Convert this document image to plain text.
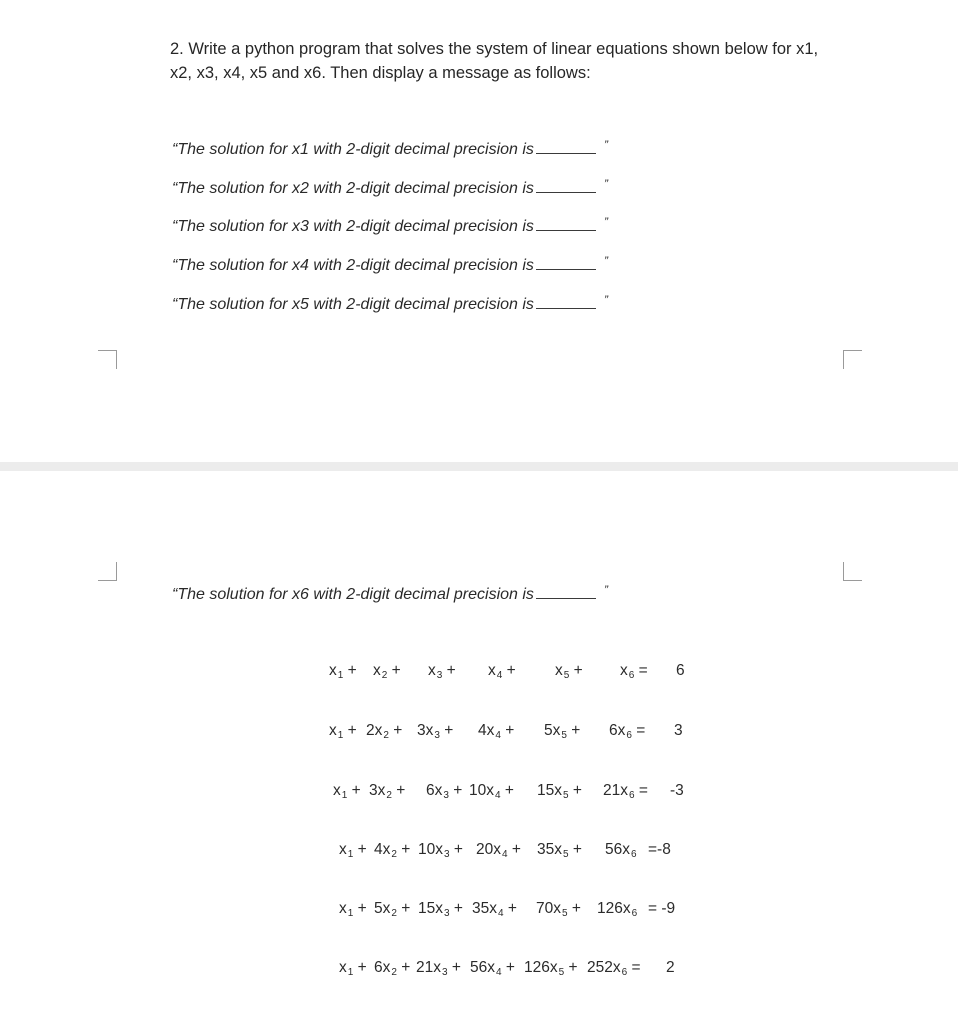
2. Write a python program that solves the system of linear equations shown below for x1,
x2, x3, x4, x5 and x6. Then display a message as follows:
“The solution for x1 with 2-digit decimal precision is	”
“The solution for x2 with 2-digit decimal precision is	”
“The solution for x3 with 2-digit decimal precision is	”
“The solution for x4 with 2-digit decimal precision is	”
“The solution for x5 with 2-digit decimal precision is	”
“The solution for x6 with 2-digit decimal precision is	”
$x_1 + x_2 + x_3 + x_4$ +	$x_5 + x_6 = 6$
$x_1 + 2x_2 + 3x_3 + 4x_4 + 5x_5 + 6x_6 = 3$
$x_1 + 3x_2 + 6x_3 + 10x_4 + 15x_5 + 21x_6 = -3$
$x_1 + 4x_2 + 10x_3 + 20x_4 + 35x_5 + 56x_6 =-8$
$x_1 + 5x_2 + 15x_3 + 35x_4 + 70x_5 + 126x_6 = -9$
$x_1 + 6x_2 + 21x_3 + 56x_4 + 126x_5 + 252x_6 = 2$
